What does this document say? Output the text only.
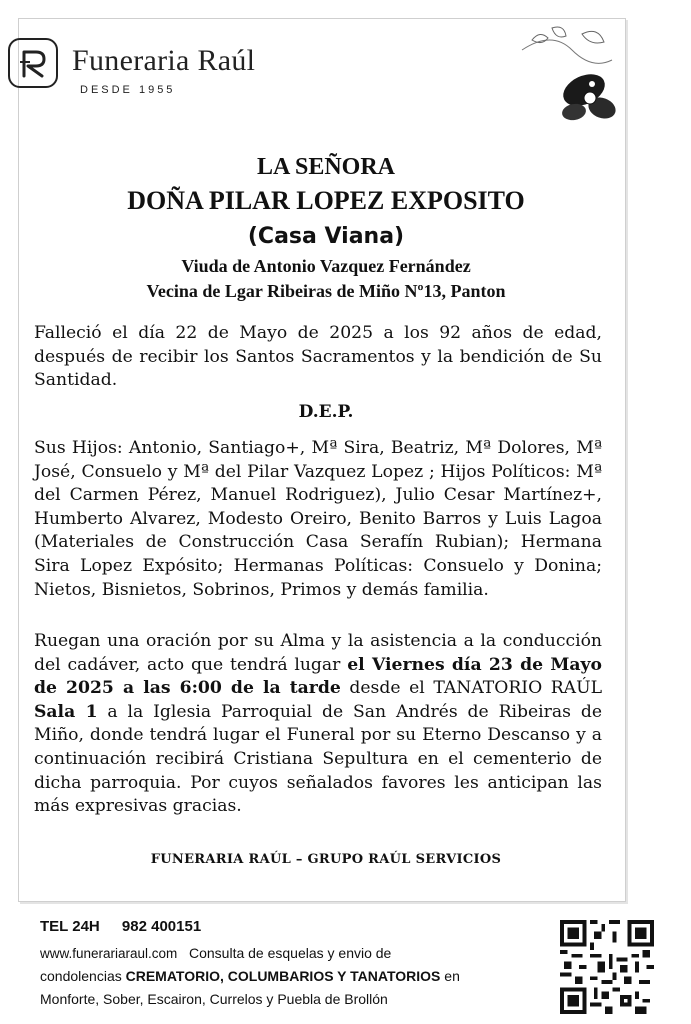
Funeraria Raúl
DESDE 1955
LA SEÑORA
DOÑA PILAR LOPEZ EXPOSITO
(Casa Viana)
Viuda de Antonio Vazquez Fernández
Vecina de Lgar Ribeiras de Miño Nº13, Panton
Falleció el día 22 de Mayo de 2025 a los 92 años de edad, después de recibir los Santos Sacramentos y la bendición de Su Santidad.
D.E.P.
Sus Hijos: Antonio, Santiago+, Mª Sira, Beatriz, Mª Dolores, Mª José, Consuelo y Mª del Pilar Vazquez Lopez ; Hijos Políticos: Mª del Carmen Pérez, Manuel Rodriguez), Julio Cesar Martínez+, Humberto Alvarez, Modesto Oreiro, Benito Barros y Luis Lagoa (Materiales de Construcción Casa Serafín Rubian); Hermana Sira Lopez Expósito; Hermanas Políticas: Consuelo y Donina; Nietos, Bisnietos, Sobrinos, Primos y demás familia.
Ruegan una oración por su Alma y la asistencia a la conducción del cadáver, acto que tendrá lugar el Viernes día 23 de Mayo de 2025 a las 6:00 de la tarde desde el TANATORIO RAÚL Sala 1 a la Iglesia Parroquial de San Andrés de Ribeiras de Miño, donde tendrá lugar el Funeral por su Eterno Descanso y a continuación recibirá Cristiana Sepultura en el cementerio de dicha parroquia. Por cuyos señalados favores les anticipan las más expresivas gracias.
FUNERARIA RAÚL – GRUPO RAÚL SERVICIOS
TEL 24H 982 400151
www.funerariaraul.com Consulta de esquelas y envio de
condolencias CREMATORIO, COLUMBARIOS Y TANATORIOS en
Monforte, Sober, Escairon, Currelos y Puebla de Brollón
